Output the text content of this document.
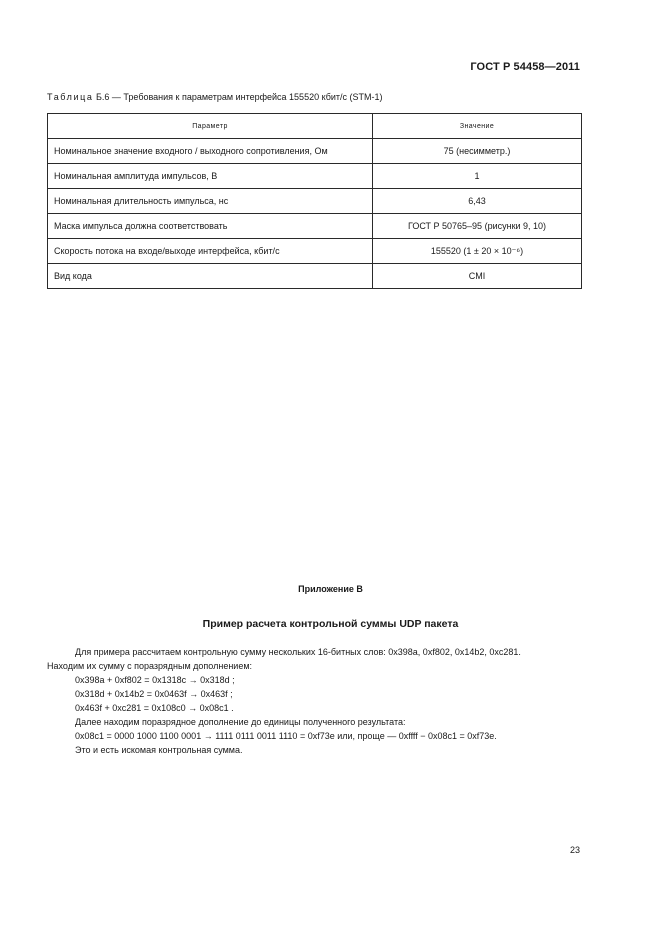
ГОСТ Р 54458—2011
Таблица Б.6 — Требования к параметрам интерфейса 155520 кбит/с (STM-1)
Параметр	Значение
Номинальное значение входного / выходного сопротивления, Ом	75 (несимметр.)
Номинальная амплитуда импульсов, В	1
Номинальная длительность импульса, нс	6,43
Маска импульса должна соответствовать	ГОСТ Р 50765–95 (рисунки 9, 10)
Скорость потока на входе/выходе интерфейса, кбит/с	155520 (1 ± 20 × 10⁻⁶)
Вид кода	CMI
Приложение В
Пример расчета контрольной суммы UDP пакета

Для примера рассчитаем контрольную сумму нескольких 16-битных слов: 0x398a, 0xf802, 0x14b2, 0xc281.

Находим их сумму с поразрядным дополнением:

0x398a + 0xf802 = 0x1318c → 0x318d ;

0x318d + 0x14b2 = 0x0463f → 0x463f ;

0x463f + 0xc281 = 0x108c0 → 0x08c1 .

Далее находим поразрядное дополнение до единицы полученного результата:

0x08c1 = 0000 1000 1100 0001 → 1111 0111 0011 1110 = 0xf73e или, проще — 0xffff − 0x08c1 = 0xf73e.

Это и есть искомая контрольная сумма.

23
